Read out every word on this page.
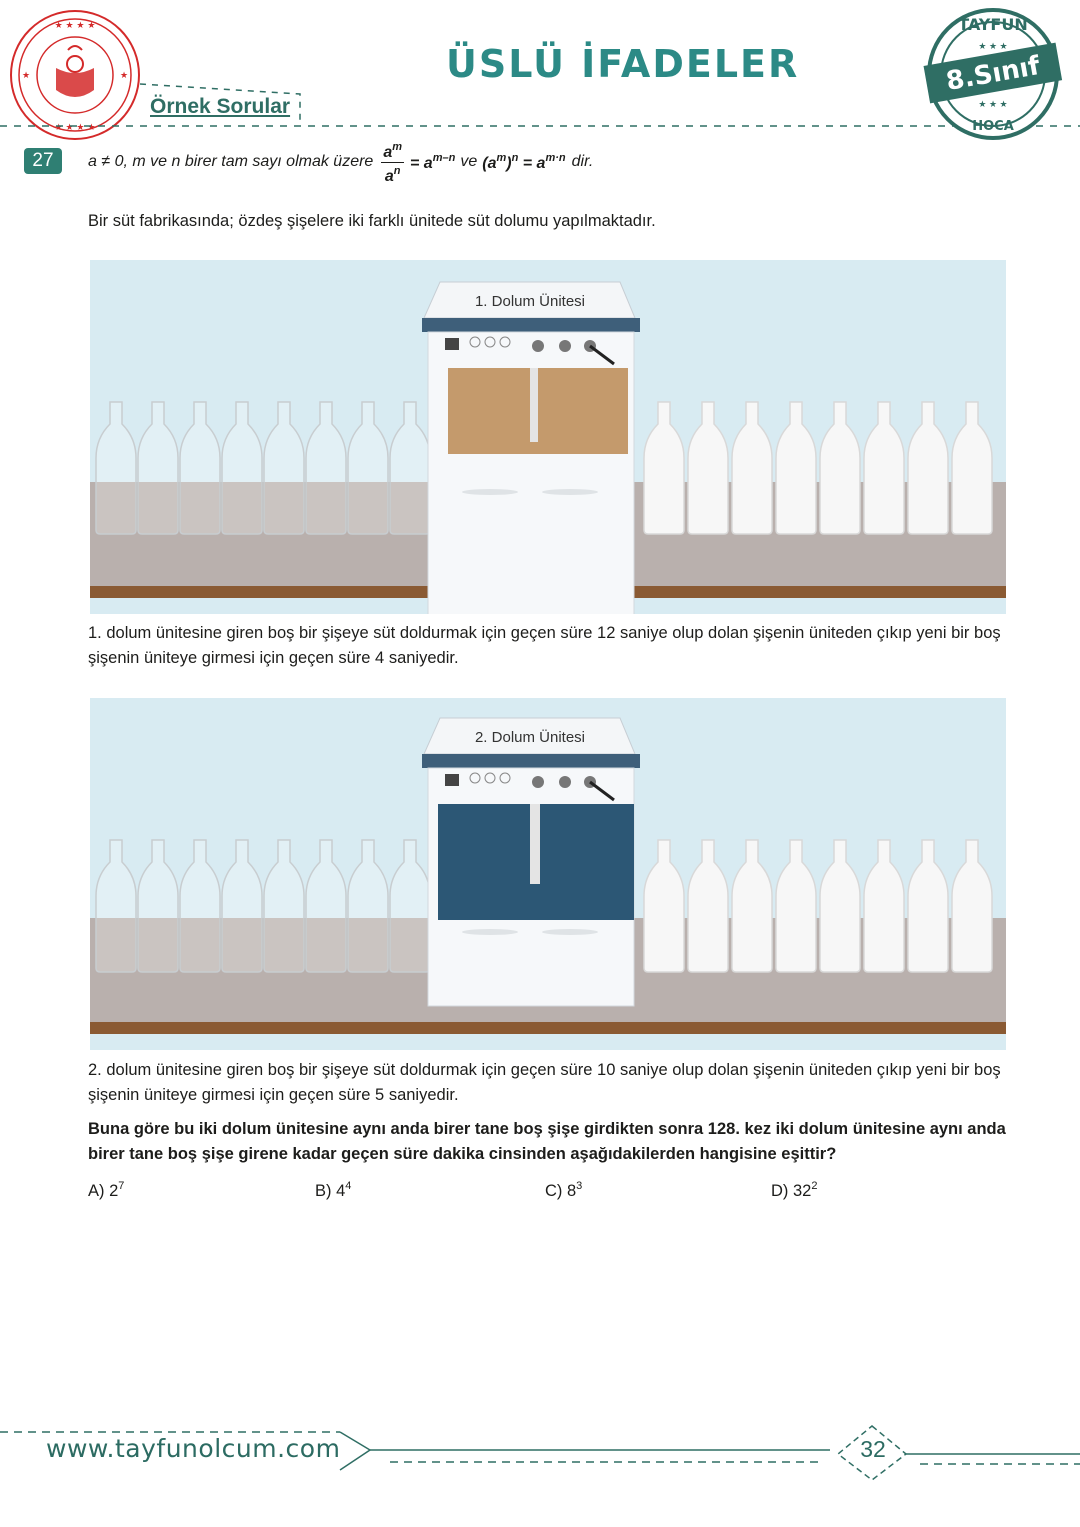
★ ★ ★ ★
★ ★ ★ ★
★	★	ÜSLÜ İFADELER
Örnek Sorular
TAYFUN
HOCA
8.Sınıf
★ ★ ★
★ ★ ★
27	a ≠ 0, m ve n birer tam sayı olmak üzere $\frac{a^m}{a^n} = a^{m-n}$ ve $(a^m)^n = a^{m\cdot n}$ dir.
Bir süt fabrikasında; özdeş şişelere iki farklı ünitede süt dolumu yapılmaktadır.
1. Dolum Ünitesi
1. dolum ünitesine giren boş bir şişeye süt doldurmak için geçen süre 12 saniye olup dolan şişenin üniteden çıkıp yeni bir boş şişenin üniteye girmesi için geçen süre 4 saniyedir.
2. Dolum Ünitesi
2. dolum ünitesine giren boş bir şişeye süt doldurmak için geçen süre 10 saniye olup dolan şişenin üniteden çıkıp yeni bir boş şişenin üniteye girmesi için geçen süre 5 saniyedir.
Buna göre bu iki dolum ünitesine aynı anda birer tane boş şişe girdikten sonra 128. kez iki dolum ünitesine aynı anda birer tane boş şişe girene kadar geçen süre dakika cinsinden aşağıdakilerden hangisine eşittir?
A) $2^7$	B) $4^4$	C) $8^3$	D) $32^2$
www.tayfunolcum.com	32
